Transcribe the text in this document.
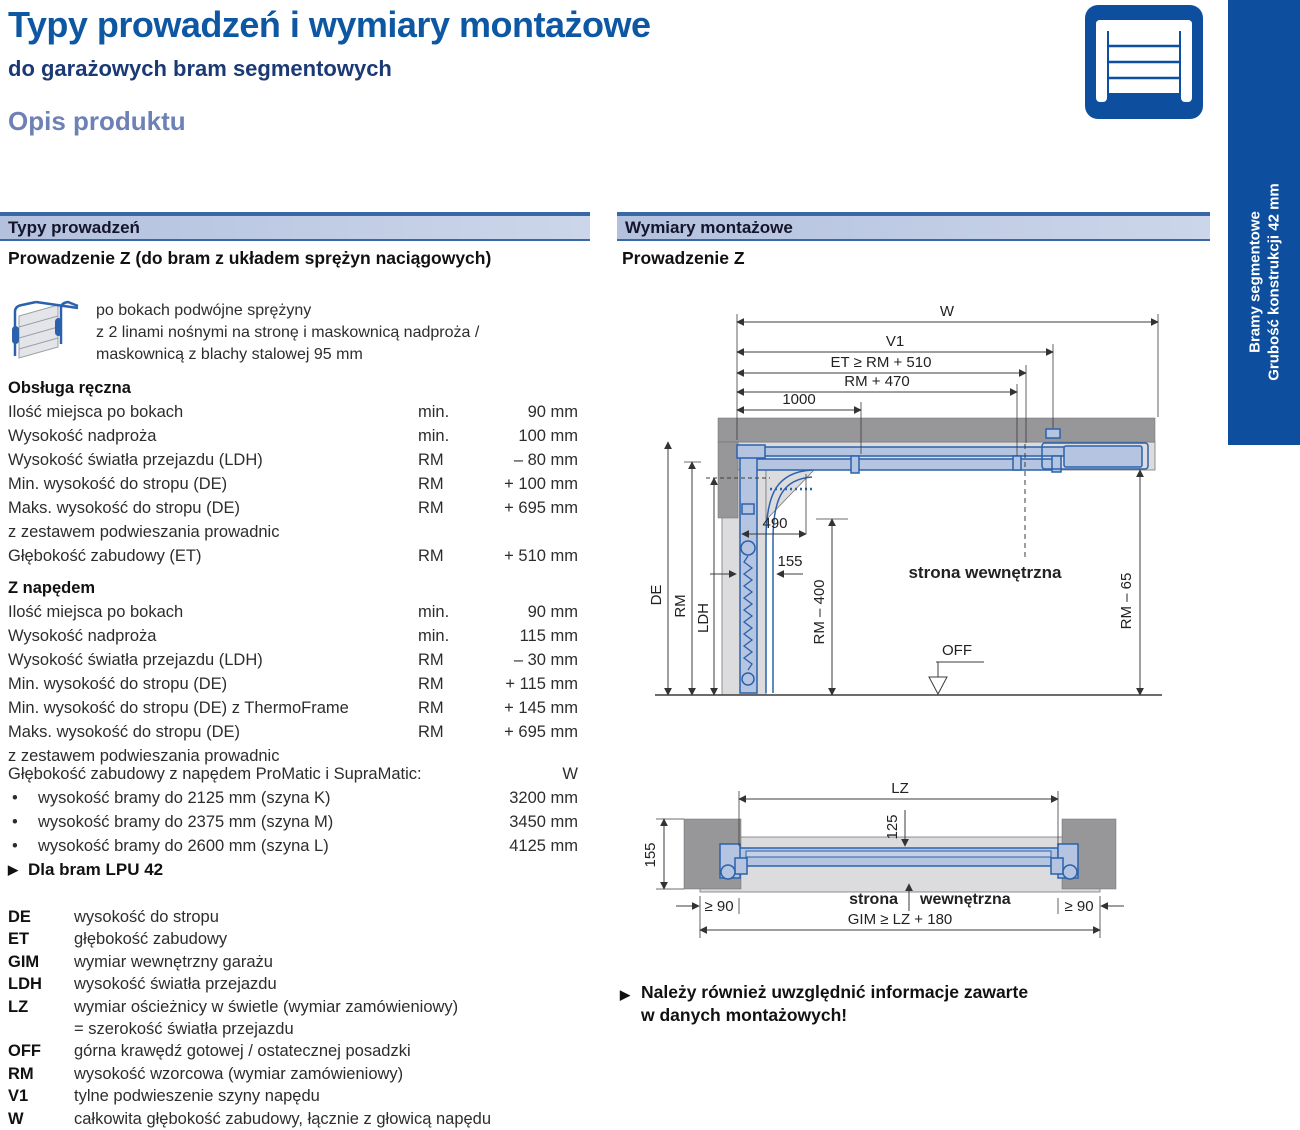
Typy prowadzeń i wymiary montażowe
do garażowych bram segmentowych
Opis produktu
Bramy segmentowe Grubość konstrukcji 42 mm
Typy prowadzeń
Prowadzenie Z (do bram z układem sprężyn naciągowych)
po bokach podwójne sprężyny
z 2 linami nośnymi na stronę i maskownicą nadproża /
maskownicą z blachy stalowej 95 mm
Obsługa ręczna
Ilość miejsca po bokach	min.	90 mm
Wysokość nadproża	min.	100 mm
Wysokość światła przejazdu (LDH)	RM	– 80 mm
Min. wysokość do stropu (DE)	RM	+ 100 mm
Maks. wysokość do stropu (DE)	RM	+ 695 mm
z zestawem podwieszania prowadnic
Głębokość zabudowy (ET)	RM	+ 510 mm
Z napędem
Ilość miejsca po bokach	min.	90 mm
Wysokość nadproża	min.	115 mm
Wysokość światła przejazdu (LDH)	RM	– 30 mm
Min. wysokość do stropu (DE)	RM	+ 115 mm
Min. wysokość do stropu (DE) z ThermoFrame	RM	+ 145 mm
Maks. wysokość do stropu (DE)	RM	+ 695 mm
z zestawem podwieszania prowadnic
Głębokość zabudowy z napędem ProMatic i SupraMatic:	W
•	wysokość bramy do 2125 mm (szyna K)	3200 mm
•	wysokość bramy do 2375 mm (szyna M)	3450 mm
•	wysokość bramy do 2600 mm (szyna L)	4125 mm
▶ Dla bram LPU 42
DE	wysokość do stropu
ET	głębokość zabudowy
GIM	wymiar wewnętrzny garażu
LDH	wysokość światła przejazdu
LZ	wymiar ościeżnicy w świetle (wymiar zamówieniowy)
= szerokość światła przejazdu
OFF	górna krawędź gotowej / ostatecznej posadzki
RM	wysokość wzorcowa (wymiar zamówieniowy)
V1	tylne podwieszenie szyny napędu
W	całkowita głębokość zabudowy, łącznie z głowicą napędu
Wymiary montażowe
Prowadzenie Z
W
V1
ET ≥ RM + 510
RM + 470
1000
DE RM LDH
490
155
RM – 400	RM – 65
strona wewnętrzna
OFF
LZ
125
155
≥ 90	≥ 90
GIM ≥ LZ + 180
strona wewnętrzna
▶ Należy również uwzględnić informacje zawarte
w danych montażowych!
